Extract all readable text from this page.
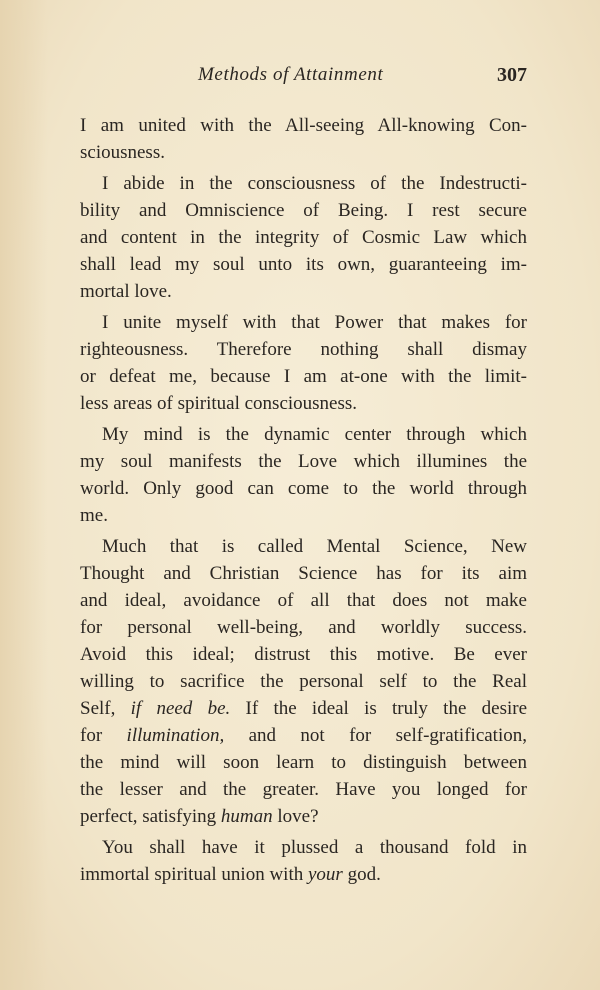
Methods of Attainment	307
I am united with the All-seeing All-knowing Con-
sciousness.
I abide in the consciousness of the Indestructi-
bility and Omniscience of Being. I rest secure
and content in the integrity of Cosmic Law which
shall lead my soul unto its own, guaranteeing im-
mortal love.
I unite myself with that Power that makes for
righteousness. Therefore nothing shall dismay
or defeat me, because I am at-one with the limit-
less areas of spiritual consciousness.
My mind is the dynamic center through which
my soul manifests the Love which illumines the
world. Only good can come to the world through
me.
Much that is called Mental Science, New
Thought and Christian Science has for its aim
and ideal, avoidance of all that does not make
for personal well-being, and worldly success.
Avoid this ideal; distrust this motive. Be ever
willing to sacrifice the personal self to the Real
Self, if need be. If the ideal is truly the desire
for illumination, and not for self-gratification,
the mind will soon learn to distinguish between
the lesser and the greater. Have you longed for
perfect, satisfying human love?
You shall have it plussed a thousand fold in
immortal spiritual union with your god.
